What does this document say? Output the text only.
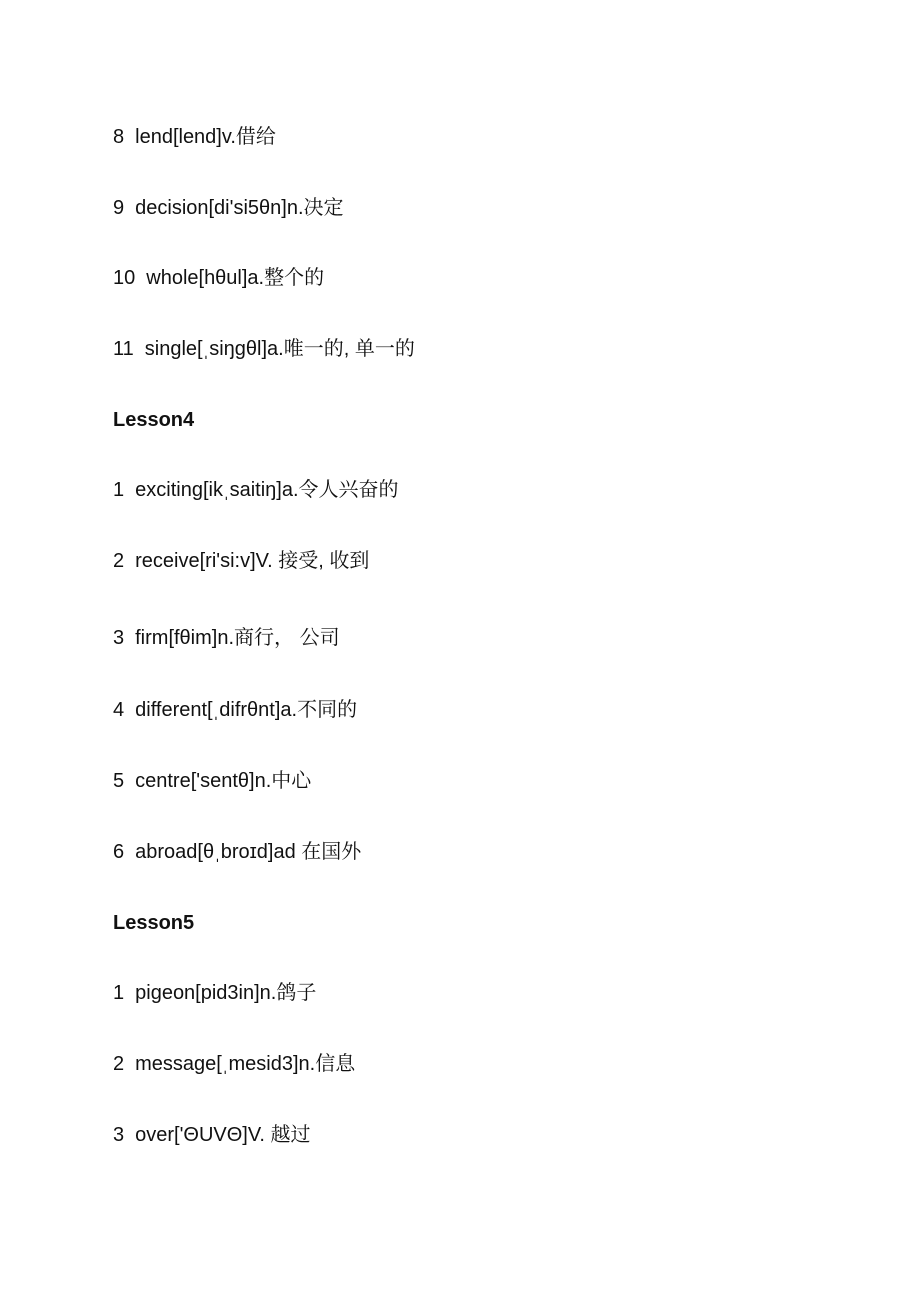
8 lend[lend]v.借给
9 decision[di'si5θn]n.决定
10 whole[hθul]a.整个的
11 single[ˌsiŋgθl]a.唯一的, 单一的
Lesson4
1 exciting[ikˌsaitiŋ]a.令人兴奋的
2 receive[ri'si:v]V. 接受, 收到
3 firm[fθim]n.商行， 公司
4 different[ˌdifrθnt]a.不同的
5 centre['sentθ]n.中心
6 abroad[θˌbroɪd]ad 在国外
Lesson5
1 pigeon[pid3in]n.鸽子
2 message[ˌmesid3]n.信息
3 over['ΘUVΘ]V. 越过
